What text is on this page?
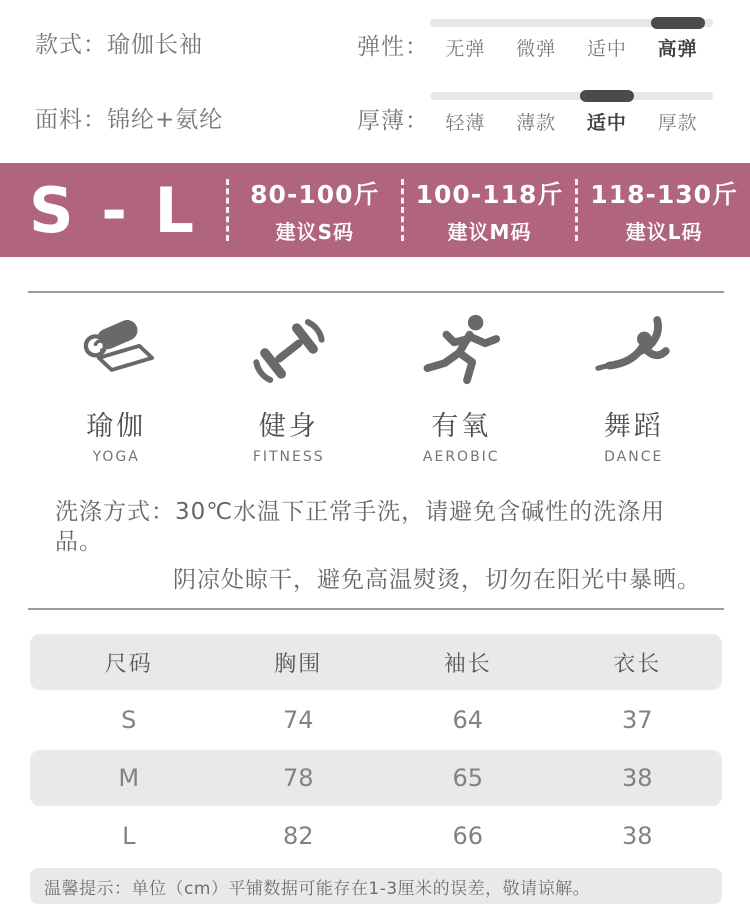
款式：瑜伽长袖
面料：锦纶+氨纶
弹性： 无弹	微弹	适中	高弹
厚薄： 轻薄	薄款	适中	厚款
S - L	80-100斤
建议S码
100-118斤
建议M码
118-130斤
建议L码
瑜伽
YOGA
健身
FITNESS
有氧
AEROBIC
舞蹈
DANCE
洗涤方式：30℃水温下正常手洗，请避免含碱性的洗涤用品。
阴凉处晾干，避免高温熨烫，切勿在阳光中暴晒。
尺码	胸围	袖长	衣长
S	74	64	37
M	78	65	38
L	82	66	38
温馨提示：单位（cm）平铺数据可能存在1-3厘米的误差，敬请谅解。
